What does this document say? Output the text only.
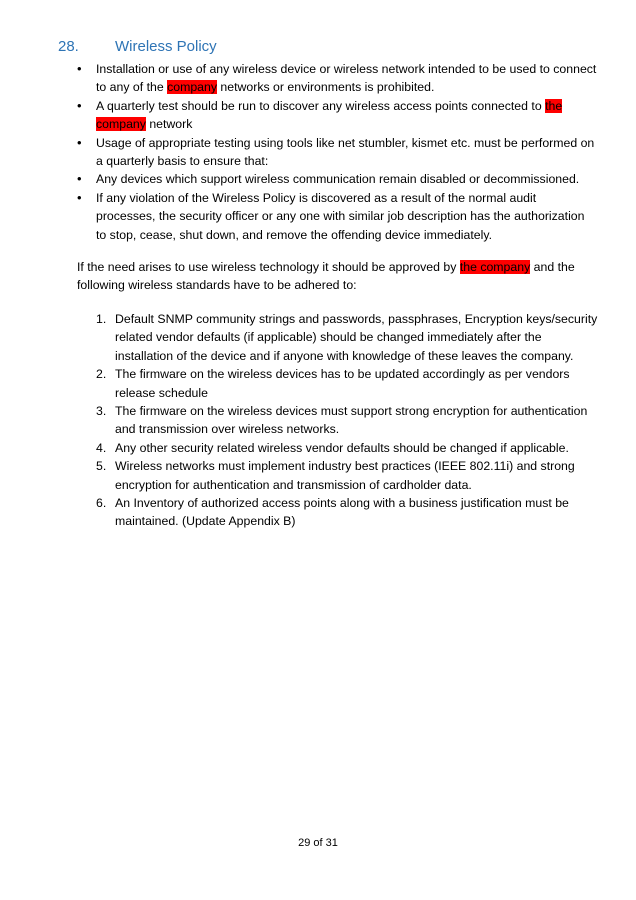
28. Wireless Policy
• Installation or use of any wireless device or wireless network intended to be used to connect to any of the company networks or environments is prohibited.
• A quarterly test should be run to discover any wireless access points connected to the company network
• Usage of appropriate testing using tools like net stumbler, kismet etc. must be performed on a quarterly basis to ensure that:
• Any devices which support wireless communication remain disabled or decommissioned.
• If any violation of the Wireless Policy is discovered as a result of the normal audit processes, the security officer or any one with similar job description has the authorization to stop, cease, shut down, and remove the offending device immediately.

If the need arises to use wireless technology it should be approved by the company and the following wireless standards have to be adhered to:

1. Default SNMP community strings and passwords, passphrases, Encryption keys/security related vendor defaults (if applicable) should be changed immediately after the installation of the device and if anyone with knowledge of these leaves the company.
2. The firmware on the wireless devices has to be updated accordingly as per vendors release schedule
3. The firmware on the wireless devices must support strong encryption for authentication and transmission over wireless networks.
4. Any other security related wireless vendor defaults should be changed if applicable.
5. Wireless networks must implement industry best practices (IEEE 802.11i) and strong encryption for authentication and transmission of cardholder data.
6. An Inventory of authorized access points along with a business justification must be maintained. (Update Appendix B)
29 of 31
